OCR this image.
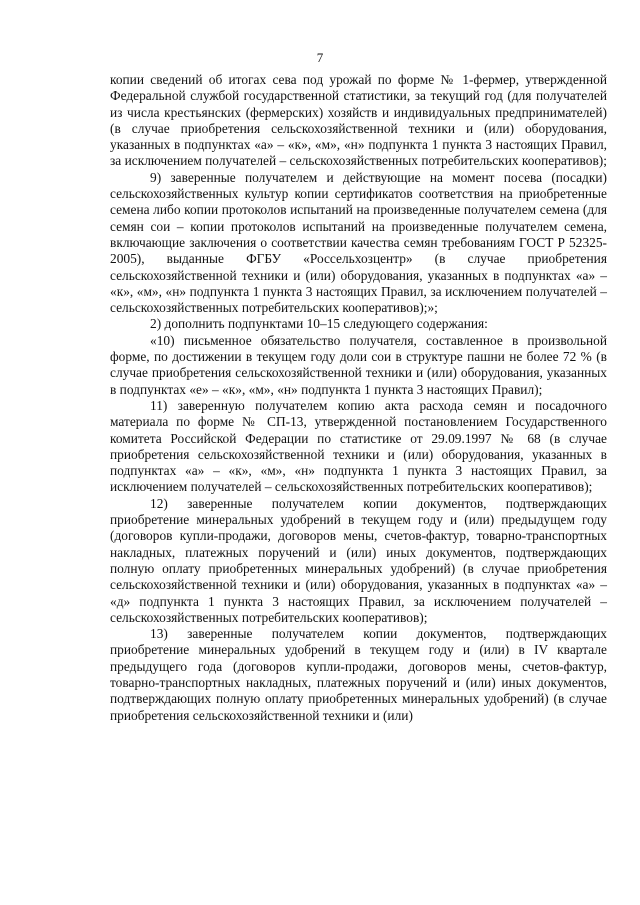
7

копии сведений об итогах сева под урожай по форме № 1-фермер, утвержденной Федеральной службой государственной статистики, за текущий год (для получателей из числа крестьянских (фермерских) хозяйств и индивидуальных предпринимателей) (в случае приобретения сельскохозяйственной техники и (или) оборудования, указанных в подпунктах «а» – «к», «м», «н» подпункта 1 пункта 3 настоящих Правил, за исключением получателей – сельскохозяйственных потребительских кооперативов);

9) заверенные получателем и действующие на момент посева (посадки) сельскохозяйственных культур копии сертификатов соответствия на приобретенные семена либо копии протоколов испытаний на произведенные получателем семена (для семян сои – копии протоколов испытаний на произведенные получателем семена, включающие заключения о соответствии качества семян требованиям ГОСТ Р 52325-2005), выданные ФГБУ «Россельхозцентр» (в случае приобретения сельскохозяйственной техники и (или) оборудования, указанных в подпунктах «а» – «к», «м», «н» подпункта 1 пункта 3 настоящих Правил, за исключением получателей – сельскохозяйственных потребительских кооперативов);»;

2) дополнить подпунктами 10–15 следующего содержания:

«10) письменное обязательство получателя, составленное в произвольной форме, по достижении в текущем году доли сои в структуре пашни не более 72 % (в случае приобретения сельскохозяйственной техники и (или) оборудования, указанных в подпунктах «е» – «к», «м», «н» подпункта 1 пункта 3 настоящих Правил);

11) заверенную получателем копию акта расхода семян и посадочного материала по форме № СП-13, утвержденной постановлением Государственного комитета Российской Федерации по статистике от 29.09.1997 № 68 (в случае приобретения сельскохозяйственной техники и (или) оборудования, указанных в подпунктах «а» – «к», «м», «н» подпункта 1 пункта 3 настоящих Правил, за исключением получателей – сельскохозяйственных потребительских кооперативов);

12) заверенные получателем копии документов, подтверждающих приобретение минеральных удобрений в текущем году и (или) предыдущем году (договоров купли-продажи, договоров мены, счетов-фактур, товарно-транспортных накладных, платежных поручений и (или) иных документов, подтверждающих полную оплату приобретенных минеральных удобрений) (в случае приобретения сельскохозяйственной техники и (или) оборудования, указанных в подпунктах «а» – «д» подпункта 1 пункта 3 настоящих Правил, за исключением получателей – сельскохозяйственных потребительских кооперативов);

13) заверенные получателем копии документов, подтверждающих приобретение минеральных удобрений в текущем году и (или) в IV квартале предыдущего года (договоров купли-продажи, договоров мены, счетов-фактур, товарно-транспортных накладных, платежных поручений и (или) иных документов, подтверждающих полную оплату приобретенных минеральных удобрений) (в случае приобретения сельскохозяйственной техники и (или)
